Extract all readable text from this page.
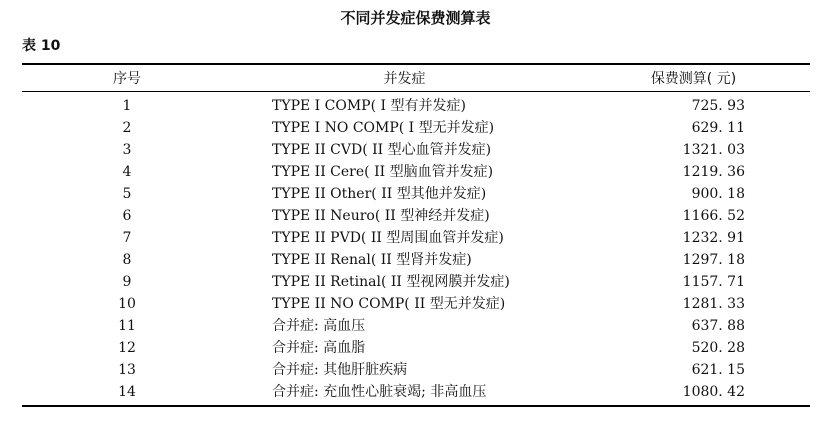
不同并发症保费测算表
表 10
序号	并发症	保费测算( 元)
1	TYPE I COMP( I 型有并发症)	725. 93
2	TYPE I NO COMP( I 型无并发症)	629. 11
3	TYPE II CVD( II 型心血管并发症)	1321. 03
4	TYPE II Cere( II 型脑血管并发症)	1219. 36
5	TYPE II Other( II 型其他并发症)	900. 18
6	TYPE II Neuro( II 型神经并发症)	1166. 52
7	TYPE II PVD( II 型周围血管并发症)	1232. 91
8	TYPE II Renal( II 型肾并发症)	1297. 18
9	TYPE II Retinal( II 型视网膜并发症)	1157. 71
10	TYPE II NO COMP( II 型无并发症)	1281. 33
11	合并症: 高血压	637. 88
12	合并症: 高血脂	520. 28
13	合并症: 其他肝脏疾病	621. 15
14	合并症: 充血性心脏衰竭; 非高血压	1080. 42
